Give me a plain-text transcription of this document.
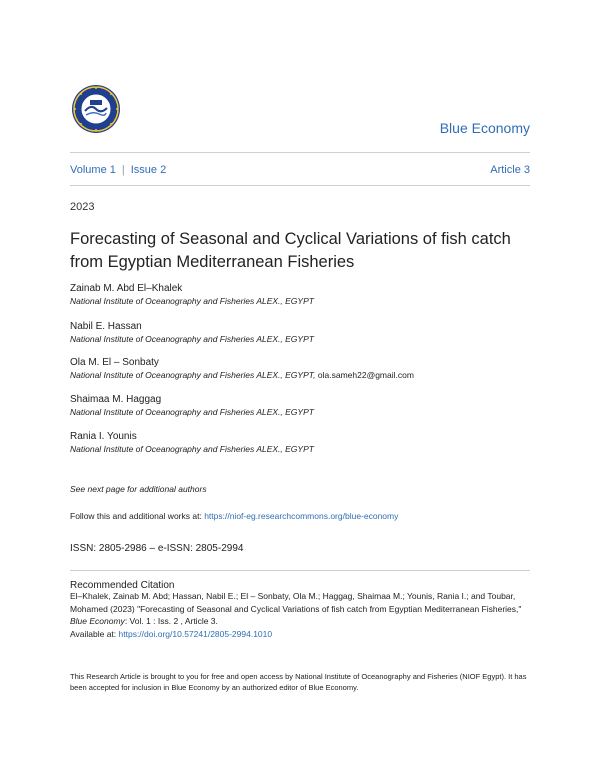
Blue Economy
Volume 1 | Issue 2	Article 3
2023
Forecasting of Seasonal and Cyclical Variations of fish catch from Egyptian Mediterranean Fisheries
Zainab M. Abd El–Khalek
National Institute of Oceanography and Fisheries ALEX., EGYPT
Nabil E. Hassan
National Institute of Oceanography and Fisheries ALEX., EGYPT
Ola M. El – Sonbaty
National Institute of Oceanography and Fisheries ALEX., EGYPT, ola.sameh22@gmail.com
Shaimaa M. Haggag
National Institute of Oceanography and Fisheries ALEX., EGYPT
Rania I. Younis
National Institute of Oceanography and Fisheries ALEX., EGYPT
See next page for additional authors
Follow this and additional works at: https://niof-eg.researchcommons.org/blue-economy
ISSN: 2805-2986 – e-ISSN: 2805-2994
Recommended Citation
El–Khalek, Zainab M. Abd; Hassan, Nabil E.; El – Sonbaty, Ola M.; Haggag, Shaimaa M.; Younis, Rania I.; and Toubar, Mohamed (2023) "Forecasting of Seasonal and Cyclical Variations of fish catch from Egyptian Mediterranean Fisheries," Blue Economy: Vol. 1 : Iss. 2 , Article 3.
Available at: https://doi.org/10.57241/2805-2994.1010
This Research Article is brought to you for free and open access by National Institute of Oceanography and Fisheries (NIOF Egypt). It has been accepted for inclusion in Blue Economy by an authorized editor of Blue Economy.
